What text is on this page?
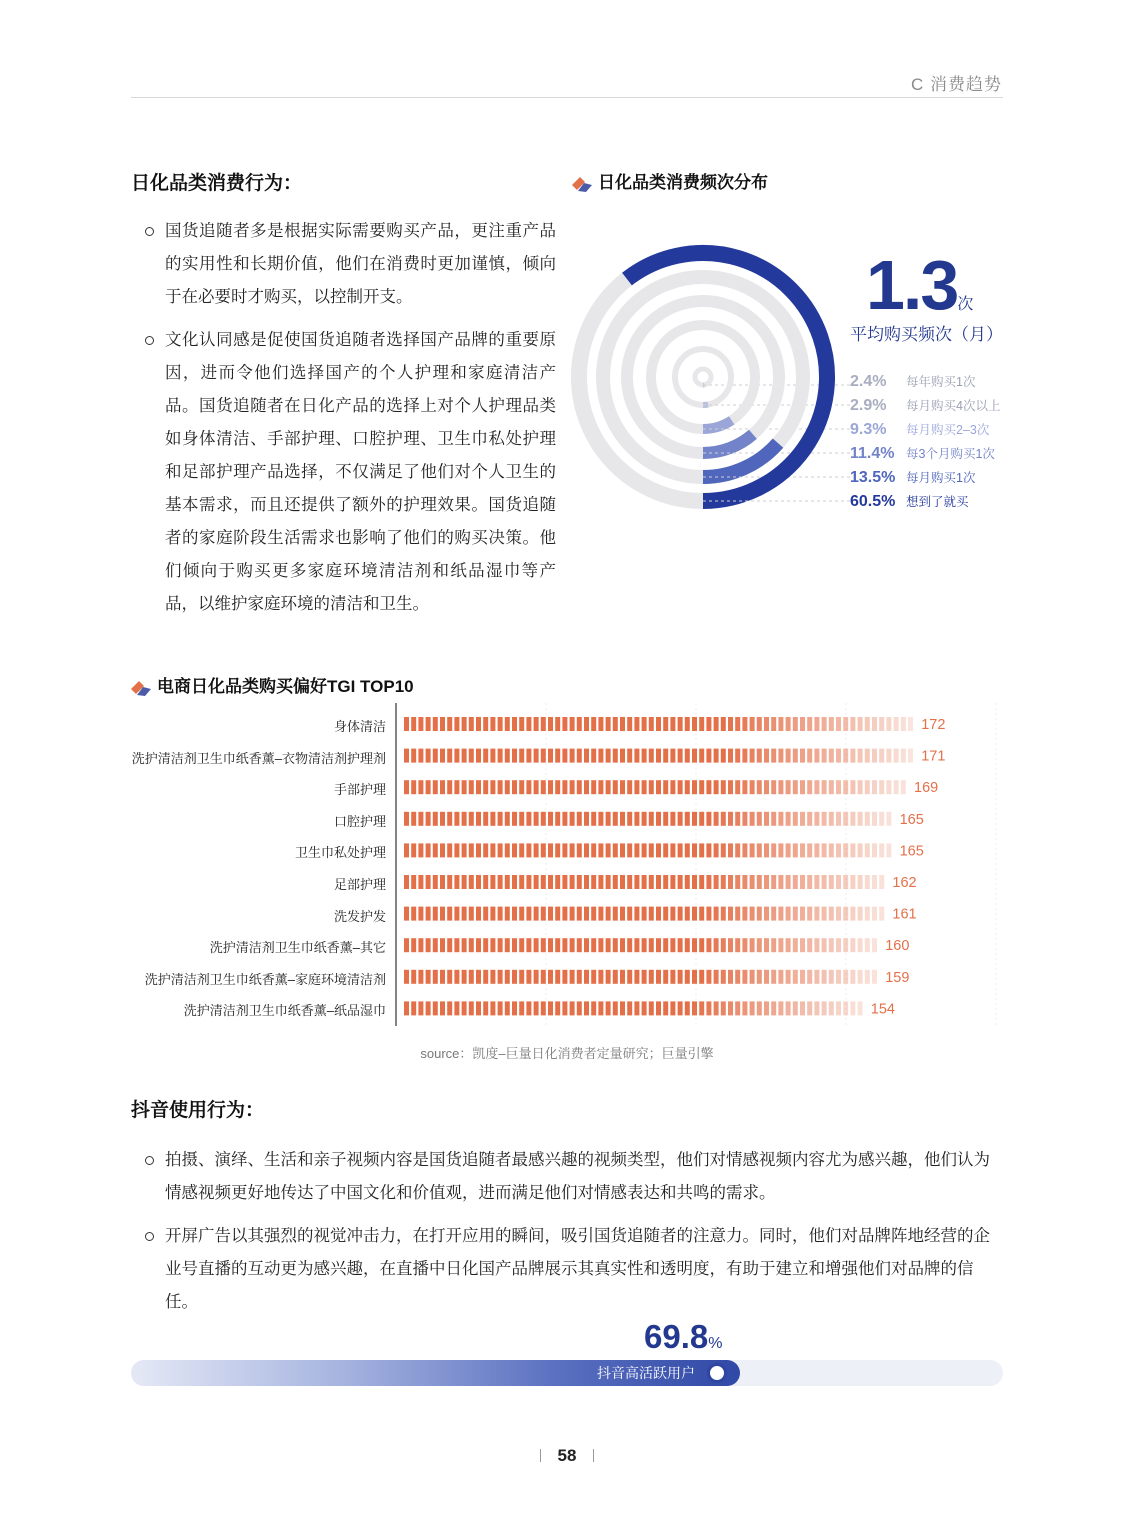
C 消费趋势
日化品类消费行为：
国货追随者多是根据实际需要购买产品，更注重产品的实用性和长期价值，他们在消费时更加谨慎，倾向于在必要时才购买，以控制开支。
文化认同感是促使国货追随者选择国产品牌的重要原因，进而令他们选择国产的个人护理和家庭清洁产品。国货追随者在日化产品的选择上对个人护理品类如身体清洁、手部护理、口腔护理、卫生巾私处护理和足部护理产品选择，不仅满足了他们对个人卫生的基本需求，而且还提供了额外的护理效果。国货追随者的家庭阶段生活需求也影响了他们的购买决策。他们倾向于购买更多家庭环境清洁剂和纸品湿巾等产品，以维护家庭环境的清洁和卫生。
日化品类消费频次分布
1.3次
平均购买频次（月）
2.4% 每年购买1次
2.9% 每月购买4次以上
9.3% 每月购买2–3次
11.4% 每3个月购买1次
13.5% 每月购买1次
60.5% 想到了就买
电商日化品类购买偏好TGI TOP10
172
171
169
165
165
162
161
160
159
154
身体清洁
洗护清洁剂卫生巾纸香薰–衣物清洁剂护理剂
手部护理
口腔护理
卫生巾私处护理
足部护理
洗发护发
洗护清洁剂卫生巾纸香薰–其它
洗护清洁剂卫生巾纸香薰–家庭环境清洁剂
洗护清洁剂卫生巾纸香薰–纸品湿巾
source：凯度–巨量日化消费者定量研究；巨量引擎
抖音使用行为：
拍摄、演绎、生活和亲子视频内容是国货追随者最感兴趣的视频类型，他们对情感视频内容尤为感兴趣，他们认为情感视频更好地传达了中国文化和价值观，进而满足他们对情感表达和共鸣的需求。
开屏广告以其强烈的视觉冲击力，在打开应用的瞬间，吸引国货追随者的注意力。同时，他们对品牌阵地经营的企业号直播的互动更为感兴趣，在直播中日化国产品牌展示其真实性和透明度，有助于建立和增强他们对品牌的信任。
69.8%
抖音高活跃用户
58
